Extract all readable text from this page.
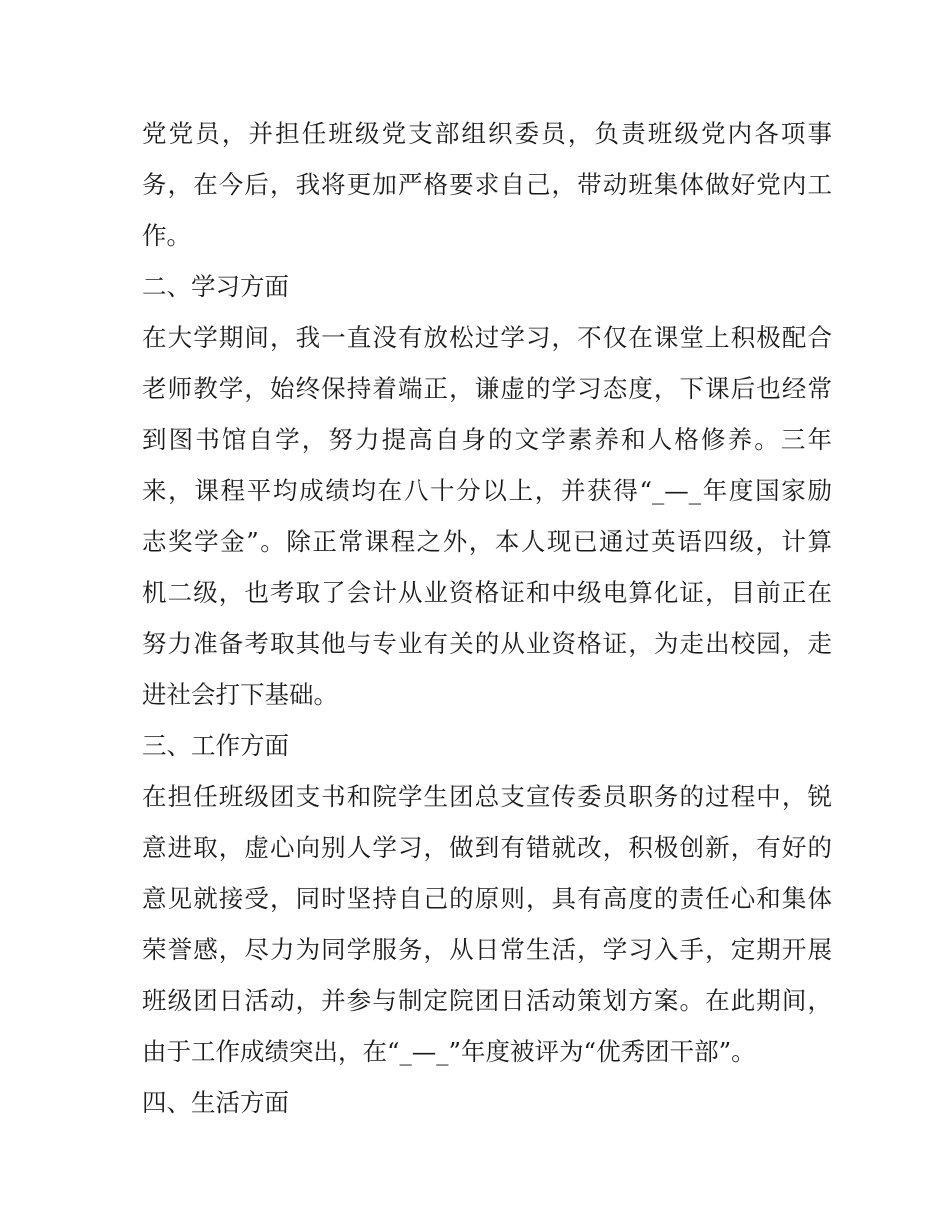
党党员，并担任班级党支部组织委员，负责班级党内各项事
务，在今后，我将更加严格要求自己，带动班集体做好党内工
作。
二、学习方面
在大学期间，我一直没有放松过学习，不仅在课堂上积极配合
老师教学，始终保持着端正，谦虚的学习态度，下课后也经常
到图书馆自学，努力提高自身的文学素养和人格修养。三年
来，课程平均成绩均在八十分以上，并获得“_—_年度国家励
志奖学金”。除正常课程之外，本人现已通过英语四级，计算
机二级，也考取了会计从业资格证和中级电算化证，目前正在
努力准备考取其他与专业有关的从业资格证，为走出校园，走
进社会打下基础。
三、工作方面
在担任班级团支书和院学生团总支宣传委员职务的过程中，锐
意进取，虚心向别人学习，做到有错就改，积极创新，有好的
意见就接受，同时坚持自己的原则，具有高度的责任心和集体
荣誉感，尽力为同学服务，从日常生活，学习入手，定期开展
班级团日活动，并参与制定院团日活动策划方案。在此期间，
由于工作成绩突出，在“_—_”年度被评为“优秀团干部”。
四、生活方面
